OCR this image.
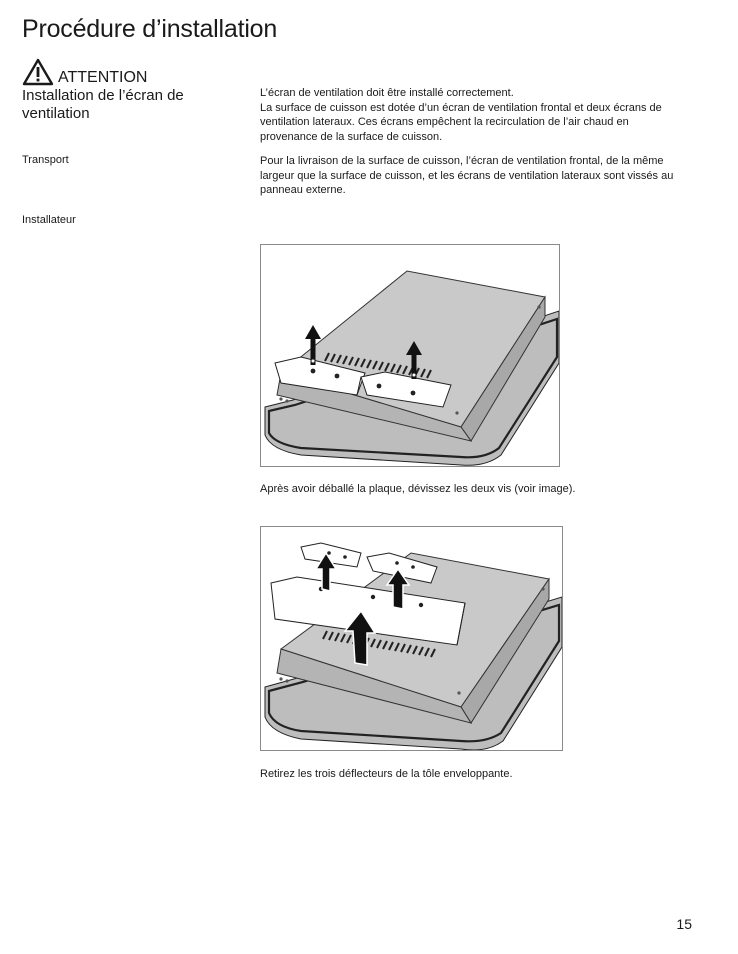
Procédure d’installation
ATTENTION
Installation de l’écran de
ventilation
L’écran de ventilation doit être installé correctement.
La surface de cuisson est dotée d’un écran de ventilation frontal et deux écrans de
ventilation lateraux. Ces écrans empêchent la recirculation de l’air chaud en
provenance de la surface de cuisson.
Transport	Pour la livraison de la surface de cuisson, l’écran de ventilation frontal, de la même
largeur que la surface de cuisson, et les écrans de ventilation lateraux sont vissés au
panneau externe.
Installateur
Après avoir déballé la plaque, dévissez les deux vis (voir image).
Retirez les trois déflecteurs de la tôle enveloppante.
15
